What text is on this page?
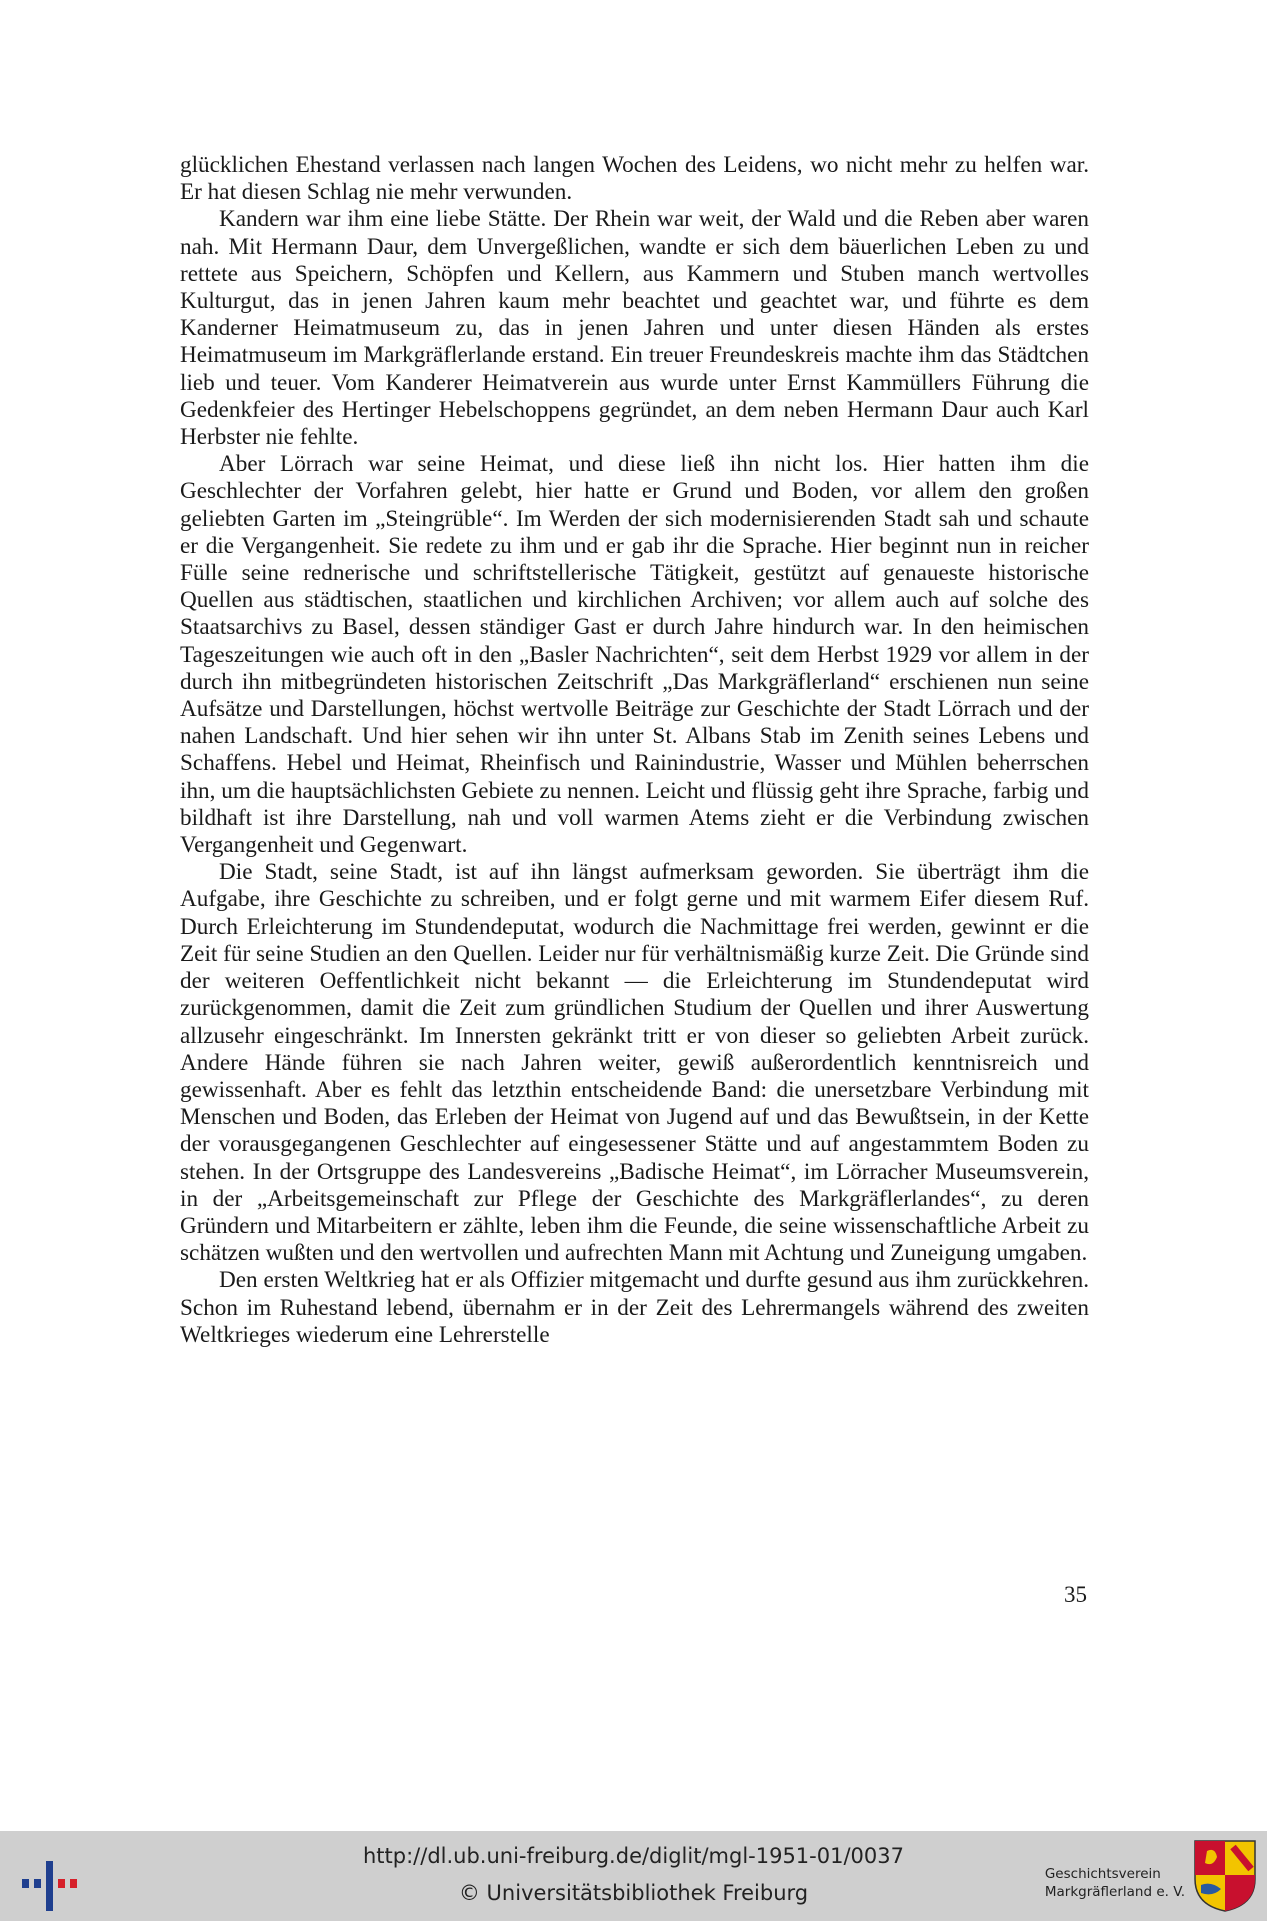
glücklichen Ehestand verlassen nach langen Wochen des Leidens, wo nicht mehr zu helfen war. Er hat diesen Schlag nie mehr verwunden.

Kandern war ihm eine liebe Stätte. Der Rhein war weit, der Wald und die Reben aber waren nah. Mit Hermann Daur, dem Unvergeßlichen, wandte er sich dem bäuerlichen Leben zu und rettete aus Speichern, Schöpfen und Kellern, aus Kammern und Stuben manch wertvolles Kulturgut, das in jenen Jahren kaum mehr beachtet und geachtet war, und führte es dem Kanderner Heimatmuseum zu, das in jenen Jahren und unter diesen Händen als erstes Heimatmuseum im Markgräflerlande erstand. Ein treuer Freundeskreis machte ihm das Städtchen lieb und teuer. Vom Kanderer Heimatverein aus wurde unter Ernst Kammüllers Führung die Gedenkfeier des Hertinger Hebelschoppens gegründet, an dem neben Hermann Daur auch Karl Herbster nie fehlte.

Aber Lörrach war seine Heimat, und diese ließ ihn nicht los. Hier hatten ihm die Geschlechter der Vorfahren gelebt, hier hatte er Grund und Boden, vor allem den großen geliebten Garten im „Steingrüble“. Im Werden der sich modernisierenden Stadt sah und schaute er die Vergangenheit. Sie redete zu ihm und er gab ihr die Sprache. Hier beginnt nun in reicher Fülle seine rednerische und schriftstellerische Tätigkeit, gestützt auf genaueste historische Quellen aus städtischen, staatlichen und kirchlichen Archiven; vor allem auch auf solche des Staatsarchivs zu Basel, dessen ständiger Gast er durch Jahre hindurch war. In den heimischen Tageszeitungen wie auch oft in den „Basler Nachrichten“, seit dem Herbst 1929 vor allem in der durch ihn mitbegründeten historischen Zeitschrift „Das Markgräflerland“ erschienen nun seine Aufsätze und Darstellungen, höchst wertvolle Beiträge zur Geschichte der Stadt Lörrach und der nahen Landschaft. Und hier sehen wir ihn unter St. Albans Stab im Zenith seines Lebens und Schaffens. Hebel und Heimat, Rheinfisch und Rainindustrie, Wasser und Mühlen beherrschen ihn, um die hauptsächlichsten Gebiete zu nennen. Leicht und flüssig geht ihre Sprache, farbig und bildhaft ist ihre Darstellung, nah und voll warmen Atems zieht er die Verbindung zwischen Vergangenheit und Gegenwart.

Die Stadt, seine Stadt, ist auf ihn längst aufmerksam geworden. Sie überträgt ihm die Aufgabe, ihre Geschichte zu schreiben, und er folgt gerne und mit warmem Eifer diesem Ruf. Durch Erleichterung im Stundendeputat, wodurch die Nachmittage frei werden, gewinnt er die Zeit für seine Studien an den Quellen. Leider nur für verhältnismäßig kurze Zeit. Die Gründe sind der weiteren Oeffentlichkeit nicht bekannt — die Erleichterung im Stundendeputat wird zurückgenommen, damit die Zeit zum gründlichen Studium der Quellen und ihrer Auswertung allzusehr eingeschränkt. Im Innersten gekränkt tritt er von dieser so geliebten Arbeit zurück. Andere Hände führen sie nach Jahren weiter, gewiß außerordentlich kenntnisreich und gewissenhaft. Aber es fehlt das letzthin entscheidende Band: die unersetzbare Verbindung mit Menschen und Boden, das Erleben der Heimat von Jugend auf und das Bewußtsein, in der Kette der vorausgegangenen Geschlechter auf eingesessener Stätte und auf angestammtem Boden zu stehen. In der Ortsgruppe des Landesvereins „Badische Heimat“, im Lörracher Museumsverein, in der „Arbeitsgemeinschaft zur Pflege der Geschichte des Markgräflerlandes“, zu deren Gründern und Mitarbeitern er zählte, leben ihm die Feunde, die seine wissenschaftliche Arbeit zu schätzen wußten und den wertvollen und aufrechten Mann mit Achtung und Zuneigung umgaben.

Den ersten Weltkrieg hat er als Offizier mitgemacht und durfte gesund aus ihm zurückkehren. Schon im Ruhestand lebend, übernahm er in der Zeit des Lehrermangels während des zweiten Weltkrieges wiederum eine Lehrerstelle

35
http://dl.ub.uni-freiburg.de/diglit/mgl-1951-01/0037
© Universitätsbibliothek Freiburg
Geschichtsverein
Markgräflerland e. V.
